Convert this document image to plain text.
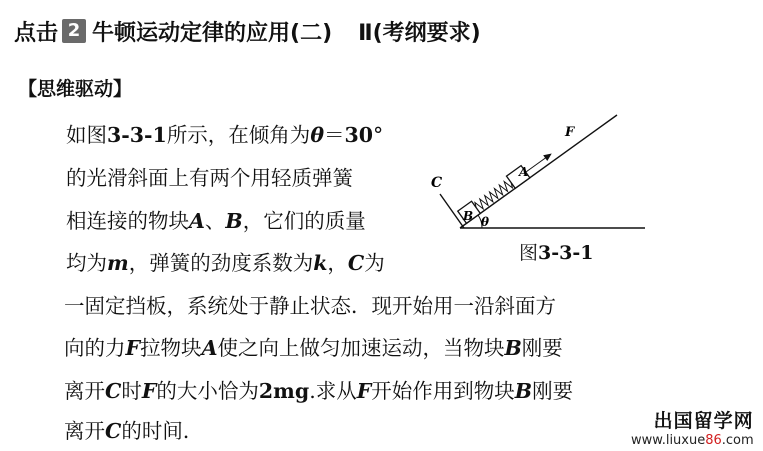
点击 2 牛顿运动定律的应用(二) Ⅱ(考纲要求)
【思维驱动】
如图3-3-1所示，在倾角为θ＝30°
的光滑斜面上有两个用轻质弹簧
相连接的物块A、B，它们的质量
均为m，弹簧的劲度系数为k，C为
一固定挡板，系统处于静止状态．现开始用一沿斜面方
向的力F拉物块A使之向上做匀加速运动，当物块B刚要
离开C时F的大小恰为2mg.求从F开始作用到物块B刚要
离开C的时间．
C
B
A
F
θ
图3-3-1
出国留学网
www.liuxue86.com
